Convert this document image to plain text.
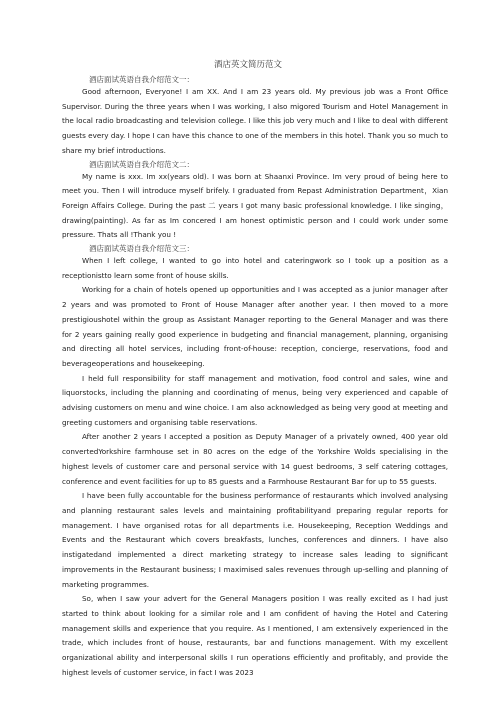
酒店英文简历范文

酒店面试英语自我介绍范文一：

Good afternoon, Everyone! I am XX. And I am 23 years old. My previous job was a Front Office Supervisor. During the three years when I was working, I also migored Tourism and Hotel Management in the local radio broadcasting and television college. I like this job very much and I like to deal with different guests every day. I hope I can have this chance to one of the members in this hotel. Thank you so much to share my brief introductions.

酒店面试英语自我介绍范文二：

My name is xxx. Im xx(years old). I was born at Shaanxi Province. Im very proud of being here to meet you. Then I will introduce myself brifely. I graduated from Repast Administration Department，Xian Foreign Affairs College. During the past 二 years I got many basic professional knowledge. I like singing，drawing(painting). As far as Im concered I am honest optimistic person and I could work under some pressure. Thats all !Thank you !

酒店面试英语自我介绍范文三：

When I left college, I wanted to go into hotel and cateringwork so I took up a position as a receptionistto learn some front of house skills.

Working for a chain of hotels opened up opportunities and I was accepted as a junior manager after 2 years and was promoted to Front of House Manager after another year. I then moved to a more prestigioushotel within the group as Assistant Manager reporting to the General Manager and was there for 2 years gaining really good experience in budgeting and financial management, planning, organising and directing all hotel services, including front-of-house: reception, concierge, reservations, food and beverageoperations and housekeeping.

I held full responsibility for staff management and motivation, food control and sales, wine and liquorstocks, including the planning and coordinating of menus, being very experienced and capable of advising customers on menu and wine choice. I am also acknowledged as being very good at meeting and greeting customers and organising table reservations.

After another 2 years I accepted a position as Deputy Manager of a privately owned, 400 year old convertedYorkshire farmhouse set in 80 acres on the edge of the Yorkshire Wolds specialising in the highest levels of customer care and personal service with 14 guest bedrooms, 3 self catering cottages, conference and event facilities for up to 85 guests and a Farmhouse Restaurant Bar for up to 55 guests.

I have been fully accountable for the business performance of restaurants which involved analysing and planning restaurant sales levels and maintaining profitabilityand preparing regular reports for management. I have organised rotas for all departments i.e. Housekeeping, Reception Weddings and Events and the Restaurant which covers breakfasts, lunches, conferences and dinners. I have also instigatedand implemented a direct marketing strategy to increase sales leading to significant improvements in the Restaurant business; I maximised sales revenues through up-selling and planning of marketing programmes.

So, when I saw your advert for the General Managers position I was really excited as I had just started to think about looking for a similar role and I am confident of having the Hotel and Catering management skills and experience that you require. As I mentioned, I am extensively experienced in the trade, which includes front of house, restaurants, bar and functions management. With my excellent organizational ability and interpersonal skills I run operations efficiently and profitably, and provide the highest levels of customer service, in fact I was 2023
